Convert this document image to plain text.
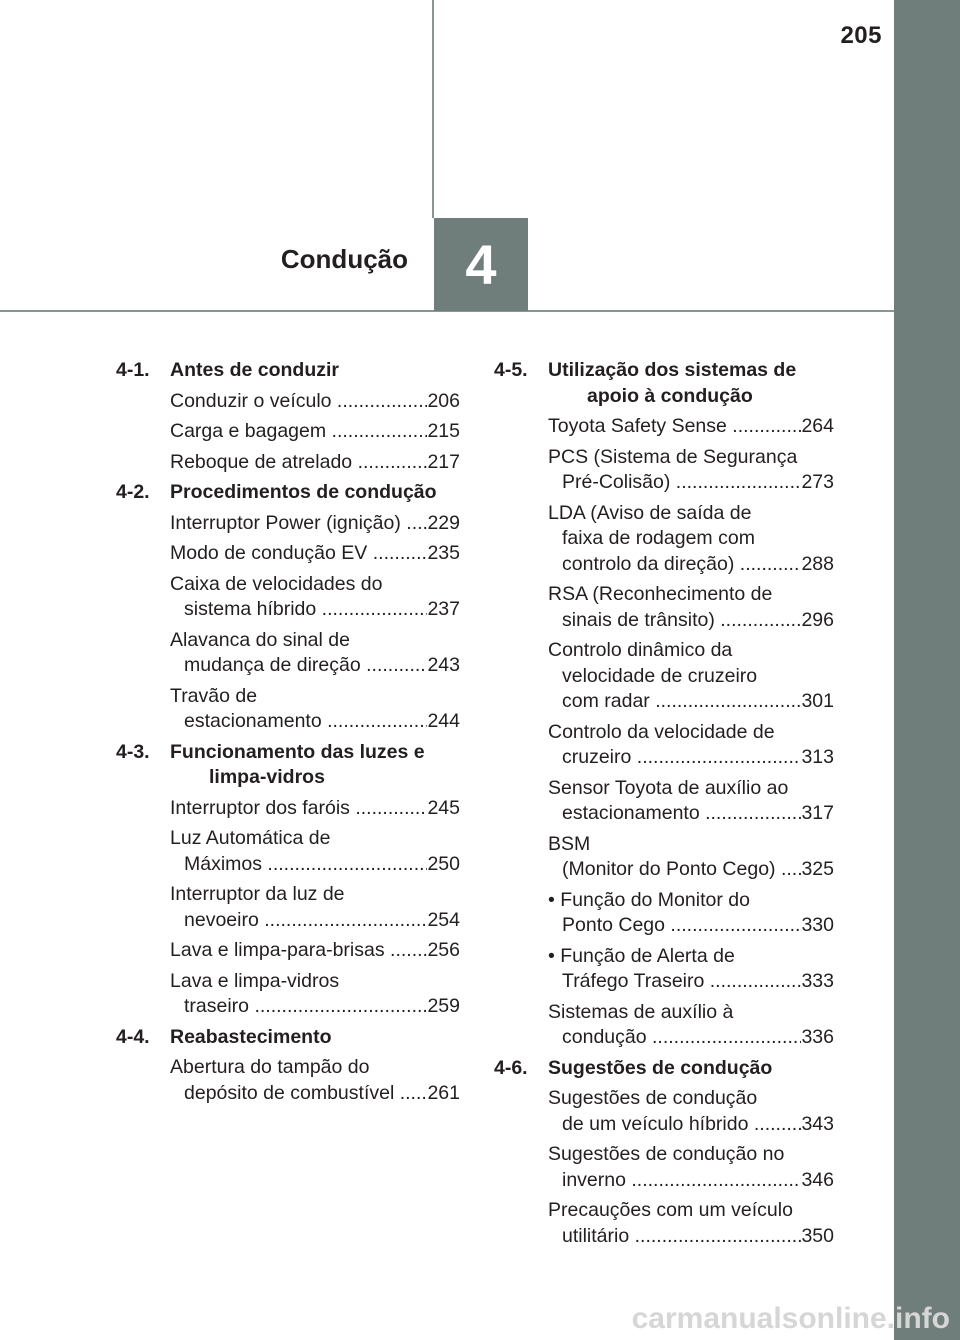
205
Condução 4
4-1.	Antes de conduzir
Conduzir o veículo .....	206
Carga e bagagem .....	215
Reboque de atrelado .....	217
4-2.	Procedimentos de condução
Interruptor Power (ignição) .....	229
Modo de condução EV .....	235
Caixa de velocidades do
sistema híbrido .....	237
Alavanca do sinal de
mudança de direção .....	243
Travão de
estacionamento .....	244
4-3.	Funcionamento das luzes e limpa-vidros
Interruptor dos faróis .....	245
Luz Automática de
Máximos .....	250
Interruptor da luz de
nevoeiro .....	254
Lava e limpa-para-brisas .....	256
Lava e limpa-vidros
traseiro .....	259
4-4.	Reabastecimento
Abertura do tampão do
depósito de combustível .....	261
4-5.	Utilização dos sistemas de apoio à condução
Toyota Safety Sense .....	264
PCS (Sistema de Segurança
Pré-Colisão) .....	273
LDA (Aviso de saída de
faixa de rodagem com
controlo da direção) .....	288
RSA (Reconhecimento de
sinais de trânsito) .....	296
Controlo dinâmico da
velocidade de cruzeiro
com radar .....	301
Controlo da velocidade de
cruzeiro .....	313
Sensor Toyota de auxílio ao
estacionamento .....	317
BSM
(Monitor do Ponto Cego) .....	325
• Função do Monitor do
Ponto Cego .....	330
• Função de Alerta de
Tráfego Traseiro .....	333
Sistemas de auxílio à
condução .....	336
4-6.	Sugestões de condução
Sugestões de condução
de um veículo híbrido .....	343
Sugestões de condução no
inverno .....	346
Precauções com um veículo
utilitário .....	350
carmanualsonline.info
